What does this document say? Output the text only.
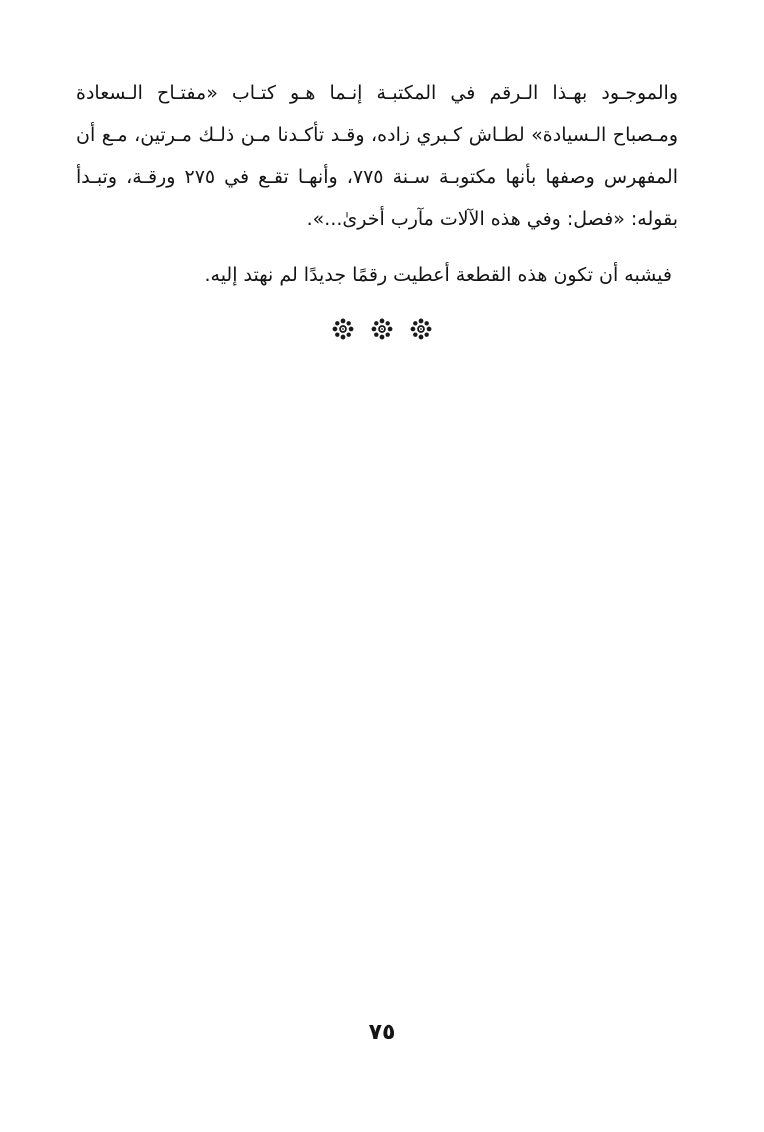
والموجـود بهـذا الـرقم في المكتبـة إنـما هـو كتـاب «مفتـاح الـسعادة
ومـصباح الـسيادة» لطـاش كـبري زاده، وقـد تأكـدنا مـن ذلـك مـرتين، مـع أن
المفهرس وصفها بأنها مكتوبـة سـنة ٧٧٥، وأنهـا تقـع في ٢٧٥ ورقـة، وتبـدأ
بقوله: «فصل: وفي هذه الآلات مآرب أخرىٰ...».

فيشبه أن تكون هذه القطعة أعطيت رقمًا جديدًا لم نهتد إليه.

٧٥
